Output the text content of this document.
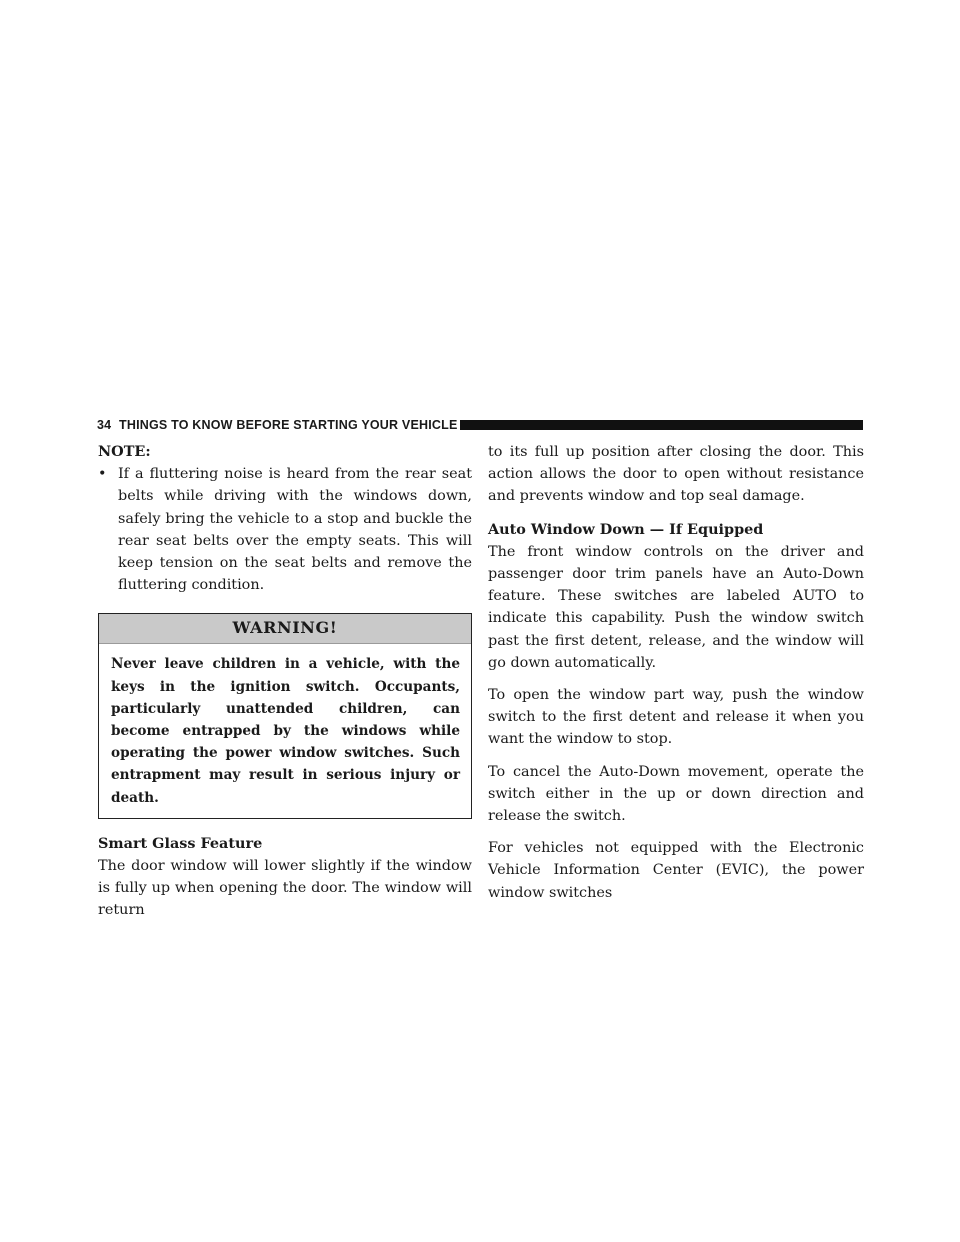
34 THINGS TO KNOW BEFORE STARTING YOUR VEHICLE

NOTE:

• If a fluttering noise is heard from the rear seat belts while driving with the windows down, safely bring the vehicle to a stop and buckle the rear seat belts over the empty seats. This will keep tension on the seat belts and remove the fluttering condition.
WARNING!
Never leave children in a vehicle, with the keys in the ignition switch. Occupants, particularly unattended children, can become entrapped by the windows while operating the power window switches. Such entrapment may result in serious injury or death.

Smart Glass Feature

The door window will lower slightly if the window is fully up when opening the door. The window will return

to its full up position after closing the door. This action allows the door to open without resistance and prevents window and top seal damage.

Auto Window Down — If Equipped

The front window controls on the driver and passenger door trim panels have an Auto-Down feature. These switches are labeled AUTO to indicate this capability. Push the window switch past the first detent, release, and the window will go down automatically.

To open the window part way, push the window switch to the first detent and release it when you want the window to stop.

To cancel the Auto-Down movement, operate the switch either in the up or down direction and release the switch.

For vehicles not equipped with the Electronic Vehicle Information Center (EVIC), the power window switches
